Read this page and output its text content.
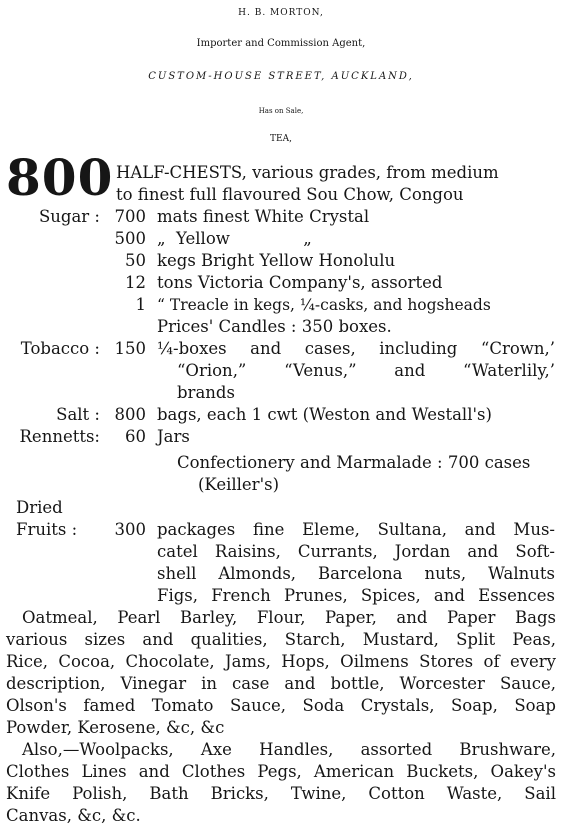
H. B. MORTON,
Importer and Commission Agent,
CUSTOM-HOUSE STREET, AUCKLAND,
Has on Sale,
TEA,
800 HALF-CHESTS, various grades, from medium
to finest full flavoured Sou Chow, Congou
Sugar : 700 mats finest White Crystal
500 „  Yellow              „
50 kegs Bright Yellow Honolulu
12 tons Victoria Company's, assorted
1 “ Treacle in kegs, ¼-casks, and hogsheads
Prices' Candles : 350 boxes.
Tobacco : 150 ¼-boxes and cases, including “Crown,’
“Orion,” “Venus,” and “Waterlily,’
brands
Salt : 800 bags, each 1 cwt (Weston and Westall's)
Rennetts:	60 Jars
Confectionery and Marmalade : 700 cases
(Keiller's)
Dried
Fruits :	300 packages fine Eleme, Sultana, and Mus-
catel Raisins, Currants, Jordan and Soft-
shell Almonds, Barcelona nuts, Walnuts
Figs, French Prunes, Spices, and Essences
Oatmeal, Pearl Barley, Flour, Paper, and Paper Bags
various sizes and qualities, Starch, Mustard, Split Peas,
Rice, Cocoa, Chocolate, Jams, Hops, Oilmens Stores of every
description, Vinegar in case and bottle, Worcester Sauce,
Olson's famed Tomato Sauce, Soda Crystals, Soap, Soap
Powder, Kerosene, &c, &c
Also,—Woolpacks, Axe Handles, assorted Brushware,
Clothes Lines and Clothes Pegs, American Buckets, Oakey's
Knife Polish, Bath Bricks, Twine, Cotton Waste, Sail
Canvas, &c, &c.
